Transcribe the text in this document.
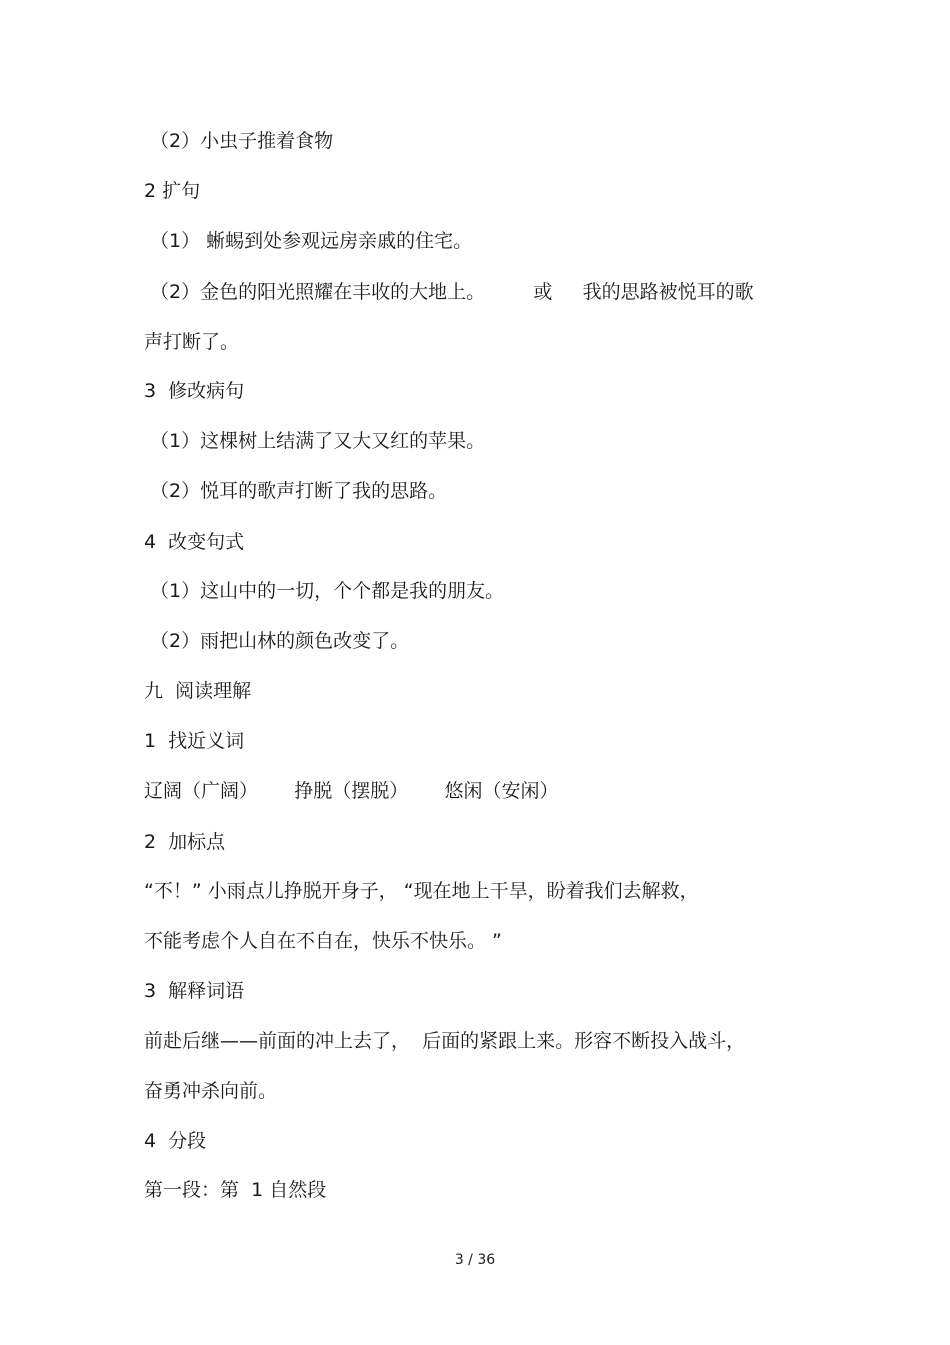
（2）小虫子推着食物
2 扩句
（1） 蜥蜴到处参观远房亲戚的住宅。
（2）金色的阳光照耀在丰收的大地上。        或     我的思路被悦耳的歌
声打断了。
3  修改病句
（1）这棵树上结满了又大又红的苹果。
（2）悦耳的歌声打断了我的思路。
4  改变句式
（1）这山中的一切，个个都是我的朋友。
（2）雨把山林的颜色改变了。
九  阅读理解
1  找近义词
辽阔（广阔）      挣脱（摆脱）      悠闲（安闲）
2  加标点
“不！” 小雨点儿挣脱开身子， “现在地上干旱，盼着我们去解救，
不能考虑个人自在不自在，快乐不快乐。 ”
3  解释词语
前赴后继——前面的冲上去了，  后面的紧跟上来。形容不断投入战斗，
奋勇冲杀向前。
4  分段
第一段：第  1 自然段
3 / 36
